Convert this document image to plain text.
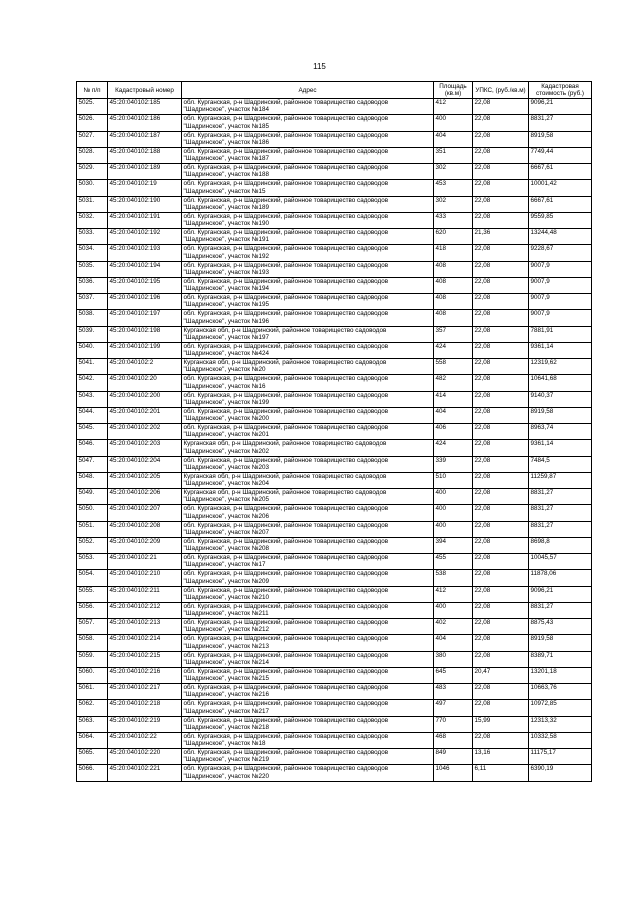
115
№ п/п	Кадастровый номер	Адрес	Площадь (кв.м)	УПКС, (руб./кв.м)	Кадастровая стоимость (руб.)
5025.	45:20:040102:185	обл. Курганская, р-н Шадринский, районное товарищество садоводов
"Шадринское", участок №184	412	22,08	9096,21
5026.	45:20:040102:186	обл. Курганская, р-н Шадринский, районное товарищество садоводов
"Шадринское", участок №185	400	22,08	8831,27
5027.	45:20:040102:187	обл. Курганская, р-н Шадринский, районное товарищество садоводов
"Шадринское", участок №186	404	22,08	8919,58
5028.	45:20:040102:188	обл. Курганская, р-н Шадринский, районное товарищество садоводов
"Шадринское", участок №187	351	22,08	7749,44
5029.	45:20:040102:189	обл. Курганская, р-н Шадринский, районное товарищество садоводов
"Шадринское", участок №188	302	22,08	6667,61
5030.	45:20:040102:19	обл. Курганская, р-н Шадринский, районное товарищество садоводов
"Шадринское", участок №15	453	22,08	10001,42
5031.	45:20:040102:190	обл. Курганская, р-н Шадринский, районное товарищество садоводов
"Шадринское", участок №189	302	22,08	6667,61
5032.	45:20:040102:191	обл. Курганская, р-н Шадринский, районное товарищество садоводов
"Шадринское", участок №190	433	22,08	9559,85
5033.	45:20:040102:192	обл. Курганская, р-н Шадринский, районное товарищество садоводов
"Шадринское", участок №191	620	21,36	13244,48
5034.	45:20:040102:193	обл. Курганская, р-н Шадринский, районное товарищество садоводов
"Шадринское", участок №192	418	22,08	9228,67
5035.	45:20:040102:194	обл. Курганская, р-н Шадринский, районное товарищество садоводов
"Шадринское", участок №193	408	22,08	9007,9
5036.	45:20:040102:195	обл. Курганская, р-н Шадринский, районное товарищество садоводов
"Шадринское", участок №194	408	22,08	9007,9
5037.	45:20:040102:196	обл. Курганская, р-н Шадринский, районное товарищество садоводов
"Шадринское", участок №195	408	22,08	9007,9
5038.	45:20:040102:197	обл. Курганская, р-н Шадринский, районное товарищество садоводов
"Шадринское", участок №196	408	22,08	9007,9
5039.	45:20:040102:198	Курганская обл, р-н Шадринский, районное товарищество садоводов
"Шадринское", участок №197	357	22,08	7881,91
5040.	45:20:040102:199	обл. Курганская, р-н Шадринский, районное товарищество садоводов
"Шадринское", участок №424	424	22,08	9361,14
5041.	45:20:040102:2	Курганская обл, р-н Шадринский, районное товарищество садоводов
"Шадринское", участок №20	558	22,08	12319,62
5042.	45:20:040102:20	обл. Курганская, р-н Шадринский, районное товарищество садоводов
"Шадринское", участок №16	482	22,08	10641,68
5043.	45:20:040102:200	обл. Курганская, р-н Шадринский, районное товарищество садоводов
"Шадринское", участок №199	414	22,08	9140,37
5044.	45:20:040102:201	обл. Курганская, р-н Шадринский, районное товарищество садоводов
"Шадринское", участок №200	404	22,08	8919,58
5045.	45:20:040102:202	обл. Курганская, р-н Шадринский, районное товарищество садоводов
"Шадринское", участок №201	406	22,08	8963,74
5046.	45:20:040102:203	Курганская обл, р-н Шадринский, районное товарищество садоводов
"Шадринское", участок №202	424	22,08	9361,14
5047.	45:20:040102:204	обл. Курганская, р-н Шадринский, районное товарищество садоводов
"Шадринское", участок №203	339	22,08	7484,5
5048.	45:20:040102:205	Курганская обл, р-н Шадринский, районное товарищество садоводов
"Шадринское", участок №204	510	22,08	11259,87
5049.	45:20:040102:206	Курганская обл, р-н Шадринский, районное товарищество садоводов
"Шадринское", участок №205	400	22,08	8831,27
5050.	45:20:040102:207	обл. Курганская, р-н Шадринский, районное товарищество садоводов
"Шадринское", участок №206	400	22,08	8831,27
5051.	45:20:040102:208	обл. Курганская, р-н Шадринский, районное товарищество садоводов
"Шадринское", участок №207	400	22,08	8831,27
5052.	45:20:040102:209	обл. Курганская, р-н Шадринский, районное товарищество садоводов
"Шадринское", участок №208	394	22,08	8698,8
5053.	45:20:040102:21	обл. Курганская, р-н Шадринский, районное товарищество садоводов
"Шадринское", участок №17	455	22,08	10045,57
5054.	45:20:040102:210	обл. Курганская, р-н Шадринский, районное товарищество садоводов
"Шадринское", участок №209	538	22,08	11878,06
5055.	45:20:040102:211	обл. Курганская, р-н Шадринский, районное товарищество садоводов
"Шадринское", участок №210	412	22,08	9096,21
5056.	45:20:040102:212	обл. Курганская, р-н Шадринский, районное товарищество садоводов
"Шадринское", участок №211	400	22,08	8831,27
5057.	45:20:040102:213	обл. Курганская, р-н Шадринский, районное товарищество садоводов
"Шадринское", участок №212	402	22,08	8875,43
5058.	45:20:040102:214	обл. Курганская, р-н Шадринский, районное товарищество садоводов
"Шадринское", участок №213	404	22,08	8919,58
5059.	45:20:040102:215	обл. Курганская, р-н Шадринский, районное товарищество садоводов
"Шадринское", участок №214	380	22,08	8389,71
5060.	45:20:040102:216	обл. Курганская, р-н Шадринский, районное товарищество садоводов
"Шадринское", участок №215	645	20,47	13201,18
5061.	45:20:040102:217	обл. Курганская, р-н Шадринский, районное товарищество садоводов
"Шадринское", участок №216	483	22,08	10663,76
5062.	45:20:040102:218	обл. Курганская, р-н Шадринский, районное товарищество садоводов
"Шадринское", участок №217	497	22,08	10972,85
5063.	45:20:040102:219	обл. Курганская, р-н Шадринский, районное товарищество садоводов
"Шадринское", участок №218	770	15,99	12313,32
5064.	45:20:040102:22	обл. Курганская, р-н Шадринский, районное товарищество садоводов
"Шадринское", участок №18	468	22,08	10332,58
5065.	45:20:040102:220	обл. Курганская, р-н Шадринский, районное товарищество садоводов
"Шадринское", участок №219	849	13,16	11175,17
5066.	45:20:040102:221	обл. Курганская, р-н Шадринский, районное товарищество садоводов
"Шадринское", участок №220	1046	6,11	6390,19
